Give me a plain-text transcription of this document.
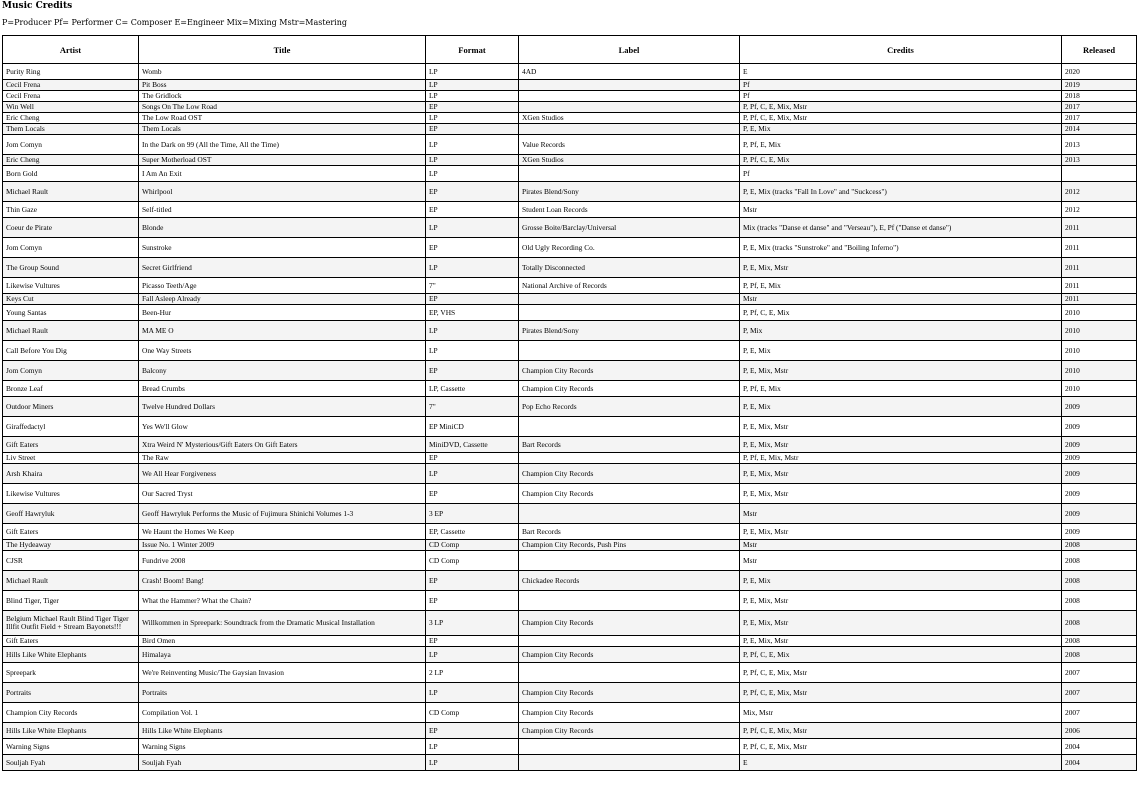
Music Credits
P=Producer Pf= Performer C= Composer E=Engineer Mix=Mixing Mstr=Mastering
Artist	Title	Format	Label	Credits	Released
Purity Ring	Womb	LP	4AD	E	2020
Cecil Frena	Pit Boss	LP		Pf	2019
Cecil Frena	The Gridlock	LP		Pf	2018
Win Well	Songs On The Low Road	EP		P, Pf, C, E, Mix, Mstr	2017
Eric Cheng	The Low Road OST	LP	XGen Studios	P, Pf, C, E, Mix, Mstr	2017
Them Locals	Them Locals	EP		P, E, Mix	2014
Jom Comyn	In the Dark on 99 (All the Time, All the Time)	LP	Value Records	P, Pf, E, Mix	2013
Eric Cheng	Super Motherload OST	LP	XGen Studios	P, Pf, C, E, Mix	2013
Born Gold	I Am An Exit	LP		Pf	
Michael Rault	Whirlpool	EP	Pirates Blend/Sony	P, E, Mix (tracks "Fall In Love" and "Suckcess")	2012
Thin Gaze	Self-titled	EP	Student Loan Records	Mstr	2012
Coeur de Pirate	Blonde	LP	Grosse Boite/Barclay/Universal	Mix (tracks "Danse et danse" and "Verseau"), E, Pf ("Danse et danse")	2011
Jom Comyn	Sunstroke	EP	Old Ugly Recording Co.	P, E, Mix (tracks "Sunstroke" and "Boiling Inferno")	2011
The Group Sound	Secret Girlfriend	LP	Totally Disconnected	P, E, Mix, Mstr	2011
Likewise Vultures	Picasso Teeth/Age	7"	National Archive of Records	P, Pf, E, Mix	2011
Keys Cut	Fall Asleep Already	EP		Mstr	2011
Young Santas	Been-Hur	EP, VHS		P, Pf, C, E, Mix	2010
Michael Rault	MA ME O	LP	Pirates Blend/Sony	P, Mix	2010
Call Before You Dig	One Way Streets	LP		P, E, Mix	2010
Jom Comyn	Balcony	EP	Champion City Records	P, E, Mix, Mstr	2010
Bronze Leaf	Bread Crumbs	LP, Cassette	Champion City Records	P, Pf, E, Mix	2010
Outdoor Miners	Twelve Hundred Dollars	7"	Pop Echo Records	P, E, Mix	2009
Giraffedactyl	Yes We'll Glow	EP MiniCD		P, E, Mix, Mstr	2009
Gift Eaters	Xtra Weird N' Mysterious/Gift Eaters On Gift Eaters	MiniDVD, Cassette	Bart Records	P, E, Mix, Mstr	2009
Liv Street	The Raw	EP		P, Pf, E, Mix, Mstr	2009
Arsh Khaira	We All Hear Forgiveness	LP	Champion City Records	P, E, Mix, Mstr	2009
Likewise Vultures	Our Sacred Tryst	EP	Champion City Records	P, E, Mix, Mstr	2009
Geoff Hawryluk	Geoff Hawryluk Performs the Music of Fujimura Shinichi Volumes 1-3	3 EP		Mstr	2009
Gift Eaters	We Haunt the Homes We Keep	EP, Cassette	Bart Records	P, E, Mix, Mstr	2009
The Hydeaway	Issue No. 1 Winter 2009	CD Comp	Champion City Records, Push Pins	Mstr	2008
CJSR	Fundrive 2008	CD Comp		Mstr	2008
Michael Rault	Crash! Boom! Bang!	EP	Chickadee Records	P, E, Mix	2008
Blind Tiger, Tiger	What the Hammer? What the Chain?	EP		P, E, Mix, Mstr	2008
Belgium Michael Rault Blind Tiger Tiger Illfit Outfit Field + Stream Bayonets!!!	Willkommen in Spreepark: Soundtrack from the Dramatic Musical Installation	3 LP	Champion City Records	P, E, Mix, Mstr	2008
Gift Eaters	Bird Omen	EP		P, E, Mix, Mstr	2008
Hills Like White Elephants	Himalaya	LP	Champion City Records	P, Pf, C, E, Mix	2008
Spreepark	We're Reinventing Music/The Gaysian Invasion	2 LP		P, Pf, C, E, Mix, Mstr	2007
Portraits	Portraits	LP	Champion City Records	P, Pf, C, E, Mix, Mstr	2007
Champion City Records	Compilation Vol. 1	CD Comp	Champion City Records	Mix, Mstr	2007
Hills Like White Elephants	Hills Like White Elephants	EP	Champion City Records	P, Pf, C, E, Mix, Mstr	2006
Warning Signs	Warning Signs	LP		P, Pf, C, E, Mix, Mstr	2004
Souljah Fyah	Souljah Fyah	LP		E	2004
